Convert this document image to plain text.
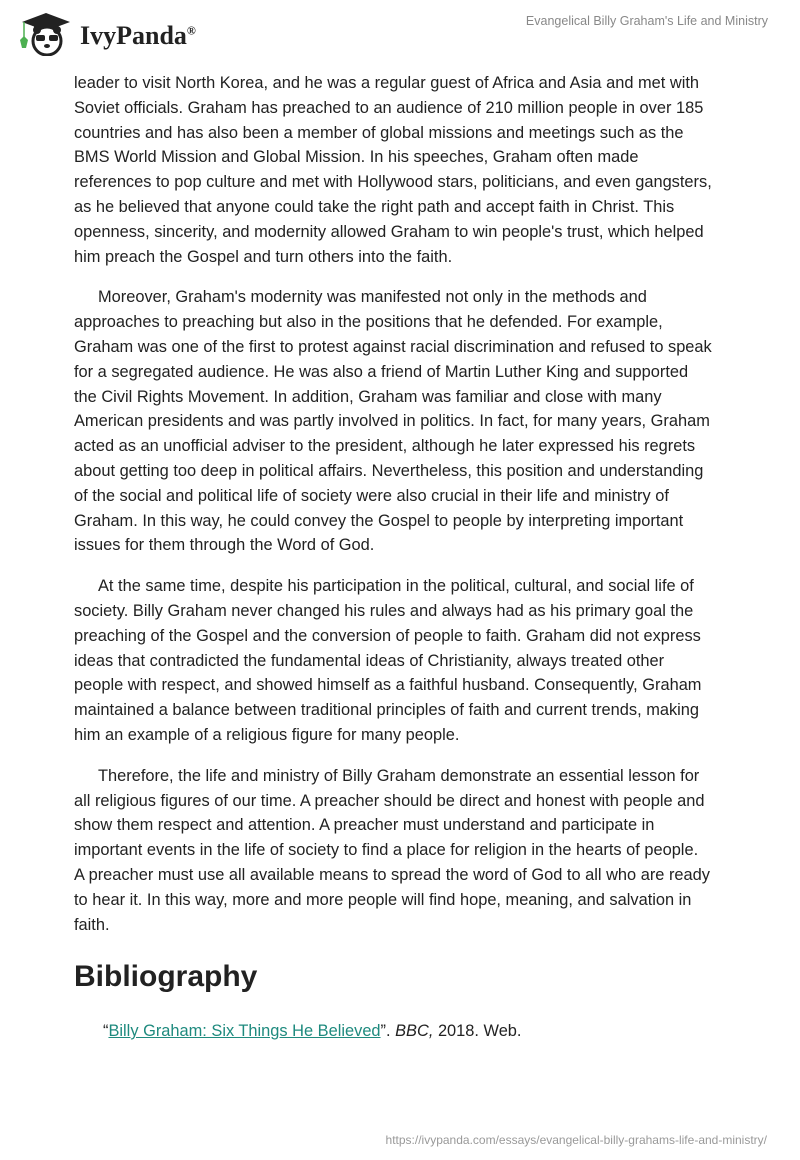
IvyPanda®
Evangelical Billy Graham's Life and Ministry

leader to visit North Korea, and he was a regular guest of Africa and Asia and met with
Soviet officials. Graham has preached to an audience of 210 million people in over 185
countries and has also been a member of global missions and meetings such as the
BMS World Mission and Global Mission. In his speeches, Graham often made
references to pop culture and met with Hollywood stars, politicians, and even gangsters,
as he believed that anyone could take the right path and accept faith in Christ. This
openness, sincerity, and modernity allowed Graham to win people's trust, which helped
him preach the Gospel and turn others into the faith.

Moreover, Graham's modernity was manifested not only in the methods and
approaches to preaching but also in the positions that he defended. For example,
Graham was one of the first to protest against racial discrimination and refused to speak
for a segregated audience. He was also a friend of Martin Luther King and supported
the Civil Rights Movement. In addition, Graham was familiar and close with many
American presidents and was partly involved in politics. In fact, for many years, Graham
acted as an unofficial adviser to the president, although he later expressed his regrets
about getting too deep in political affairs. Nevertheless, this position and understanding
of the social and political life of society were also crucial in their life and ministry of
Graham. In this way, he could convey the Gospel to people by interpreting important
issues for them through the Word of God.

At the same time, despite his participation in the political, cultural, and social life of
society. Billy Graham never changed his rules and always had as his primary goal the
preaching of the Gospel and the conversion of people to faith. Graham did not express
ideas that contradicted the fundamental ideas of Christianity, always treated other
people with respect, and showed himself as a faithful husband. Consequently, Graham
maintained a balance between traditional principles of faith and current trends, making
him an example of a religious figure for many people.

Therefore, the life and ministry of Billy Graham demonstrate an essential lesson for
all religious figures of our time. A preacher should be direct and honest with people and
show them respect and attention. A preacher must understand and participate in
important events in the life of society to find a place for religion in the hearts of people.
A preacher must use all available means to spread the word of God to all who are ready
to hear it. In this way, more and more people will find hope, meaning, and salvation in
faith.

Bibliography
“Billy Graham: Six Things He Believed”. BBC, 2018. Web.
https://ivypanda.com/essays/evangelical-billy-grahams-life-and-ministry/
